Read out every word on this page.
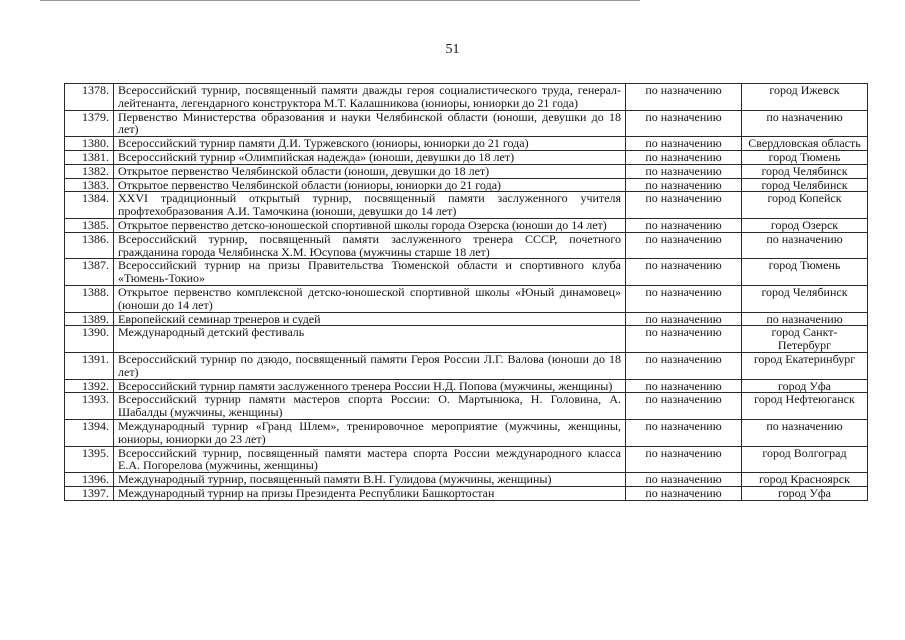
51
1378.	Всероссийский турнир, посвященный памяти дважды героя социалистического труда, генерал-лейтенанта, легендарного конструктора М.Т. Калашникова (юниоры, юниорки до 21 года)	по назначению	город Ижевск
1379.	Первенство Министерства образования и науки Челябинской области (юноши, девушки до 18 лет)	по назначению	по назначению
1380.	Всероссийский турнир памяти Д.И. Туржевского (юниоры, юниорки до 21 года)	по назначению	Свердловская область
1381.	Всероссийский турнир «Олимпийская надежда» (юноши, девушки до 18 лет)	по назначению	город Тюмень
1382.	Открытое первенство Челябинской области (юноши, девушки до 18 лет)	по назначению	город Челябинск
1383.	Открытое первенство Челябинской области (юниоры, юниорки до 21 года)	по назначению	город Челябинск
1384.	XXVI традиционный открытый турнир, посвященный памяти заслуженного учителя профтехобразования А.И. Тамочкина (юноши, девушки до 14 лет)	по назначению	город Копейск
1385.	Открытое первенство детско-юношеской спортивной школы города Озерска (юноши до 14 лет)	по назначению	город Озерск
1386.	Всероссийский турнир, посвященный памяти заслуженного тренера СССР, почетного гражданина города Челябинска Х.М. Юсупова (мужчины старше 18 лет)	по назначению	по назначению
1387.	Всероссийский турнир на призы Правительства Тюменской области и спортивного клуба «Тюмень-Токио»	по назначению	город Тюмень
1388.	Открытое первенство комплексной детско-юношеской спортивной школы «Юный динамовец» (юноши до 14 лет)	по назначению	город Челябинск
1389.	Европейский семинар тренеров и судей	по назначению	по назначению
1390.	Международный детский фестиваль	по назначению	город Санкт-Петербург
1391.	Всероссийский турнир по дзюдо, посвященный памяти Героя России Л.Г. Валова (юноши до 18 лет)	по назначению	город Екатеринбург
1392.	Всероссийский турнир памяти заслуженного тренера России Н.Д. Попова (мужчины, женщины)	по назначению	город Уфа
1393.	Всероссийский турнир памяти мастеров спорта России: О. Мартынюка, Н. Головина, А. Шабалды (мужчины, женщины)	по назначению	город Нефтеюганск
1394.	Международный турнир «Гранд Шлем», тренировочное мероприятие (мужчины, женщины, юниоры, юниорки до 23 лет)	по назначению	по назначению
1395.	Всероссийский турнир, посвященный памяти мастера спорта России международного класса Е.А. Погорелова (мужчины, женщины)	по назначению	город Волгоград
1396.	Международный турнир, посвященный памяти В.Н. Гулидова (мужчины, женщины)	по назначению	город Красноярск
1397.	Международный турнир на призы Президента Республики Башкортостан	по назначению	город Уфа
